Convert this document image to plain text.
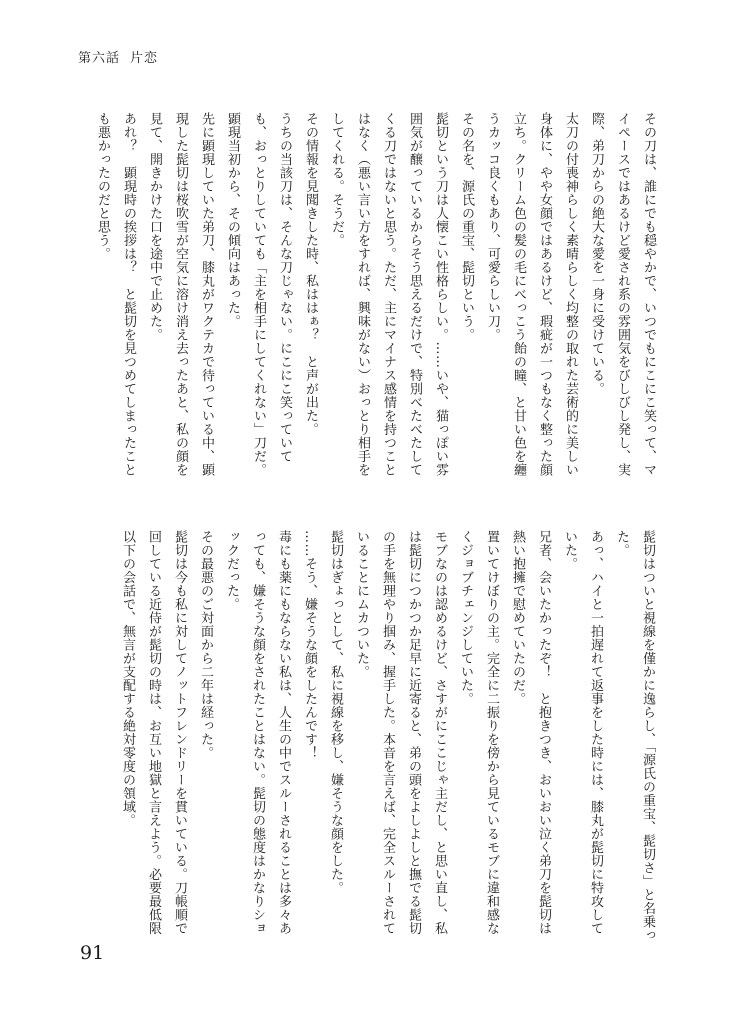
第六話 片恋

その刀は、誰にでも穏やかで、いつでもにこにこ笑って、マイペースではあるけど愛され系の雰囲気をびしびし発し、実際、弟刀からの絶大な愛を一身に受けている。

太刀の付喪神らしく素晴らしく均整の取れた芸術的に美しい身体に、やや女顔ではあるけど、瑕疵が一つもなく整った顔立ち。クリーム色の髪の毛にべっこう飴の瞳、と甘い色を纏うカッコ良くもあり、可愛らしい刀。

その名を、源氏の重宝、髭切という。

髭切という刀は人懐こい性格らしい。……いや、猫っぽい雰囲気が醸っているからそう思えるだけで、特別べたべたしてくる刀ではないと思う。ただ、主にマイナス感情を持つことはなく（悪い言い方をすれば、興味がない）おっとり相手をしてくれる。そうだ。

その情報を見聞きした時、私ははぁ？　と声が出た。

うちの当該刀は、そんな刀じゃない。にこにこ笑っていても、おっとりしていても「主を相手にしてくれない」刀だ。

顕現当初から、その傾向はあった。

先に顕現していた弟刀、膝丸がワクテカで待っている中、顕現した髭切は桜吹雪が空気に溶け消え去ったあと、私の顔を見て、開きかけた口を途中で止めた。

あれ？　顕現時の挨拶は？　と髭切を見つめてしまったことも悪かったのだと思う。

髭切はついと視線を僅かに逸らし、「源氏の重宝、髭切さ」と名乗った。

あっ、ハイと一拍遅れて返事をした時には、膝丸が髭切に特攻していた。

兄者、会いたかったぞ！　と抱きつき、おいおい泣く弟刀を髭切は熱い抱擁で慰めていたのだ。

置いてけぼりの主。完全に二振りを傍から見ているモブに違和感なくジョブチェンジしていた。

モブなのは認めるけど、さすがにここじゃ主だし、と思い直し、私は髭切につかつか足早に近寄ると、弟の頭をよしよしと撫でる髭切の手を無理やり掴み、握手した。本音を言えば、完全スルーされていることにムカついた。

髭切はぎょっとして、私に視線を移し、嫌そうな顔をした。

……そう、嫌そうな顔をしたんです！

毒にも薬にもならない私は、人生の中でスルーされることは多々あっても、嫌そうな顔をされたことはない。髭切の態度はかなりショックだった。

その最悪のご対面から二年は経った。

髭切は今も私に対してノットフレンドリーを貫いている。刀帳順で回している近侍が髭切の時は、お互い地獄と言えよう。必要最低限以下の会話で、無言が支配する絶対零度の領域。

91
